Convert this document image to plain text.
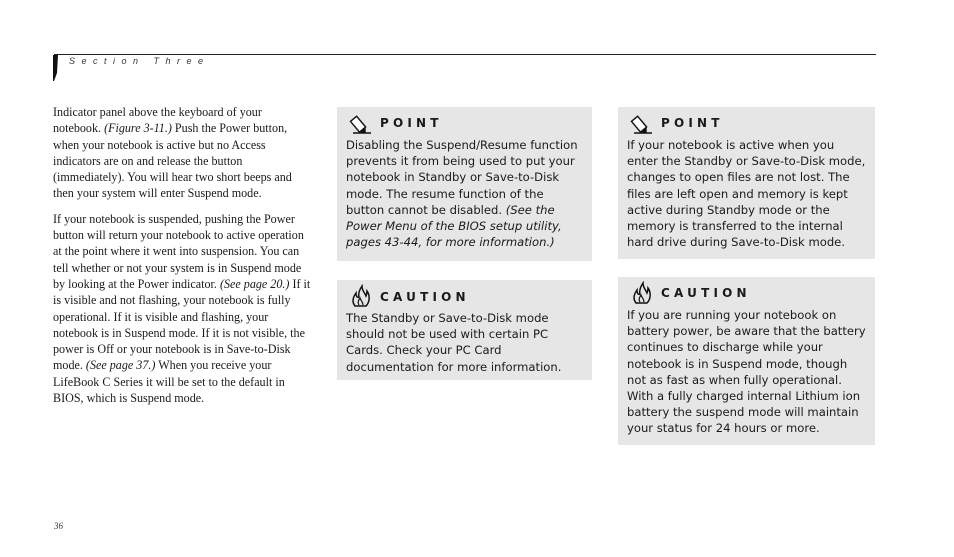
Section Three

Indicator panel above the keyboard of your notebook. (Figure 3-11.) Push the Power button, when your notebook is active but no Access indicators are on and release the button (immediately). You will hear two short beeps and then your system will enter Suspend mode.

If your notebook is suspended, pushing the Power button will return your notebook to active operation at the point where it went into suspension. You can tell whether or not your system is in Suspend mode by looking at the Power indicator. (See page 20.) If it is visible and not flashing, your notebook is fully operational. If it is visible and flashing, your notebook is in Suspend mode. If it is not visible, the power is Off or your notebook is in Save-to-Disk mode. (See page 37.) When you receive your LifeBook C Series it will be set to the default in BIOS, which is Suspend mode.

POINT
Disabling the Suspend/Resume function prevents it from being used to put your notebook in Standby or Save-to-Disk mode. The resume function of the button cannot be disabled. (See the Power Menu of the BIOS setup utility, pages 43-44, for more information.)
CAUTION
The Standby or Save-to-Disk mode should not be used with certain PC Cards. Check your PC Card documentation for more information.
POINT
If your notebook is active when you enter the Standby or Save-to-Disk mode, changes to open files are not lost. The files are left open and memory is kept active during Standby mode or the memory is transferred to the internal hard drive during Save-to-Disk mode.
CAUTION
If you are running your notebook on battery power, be aware that the battery continues to discharge while your notebook is in Suspend mode, though not as fast as when fully operational. With a fully charged internal Lithium ion battery the suspend mode will maintain your status for 24 hours or more.
36
